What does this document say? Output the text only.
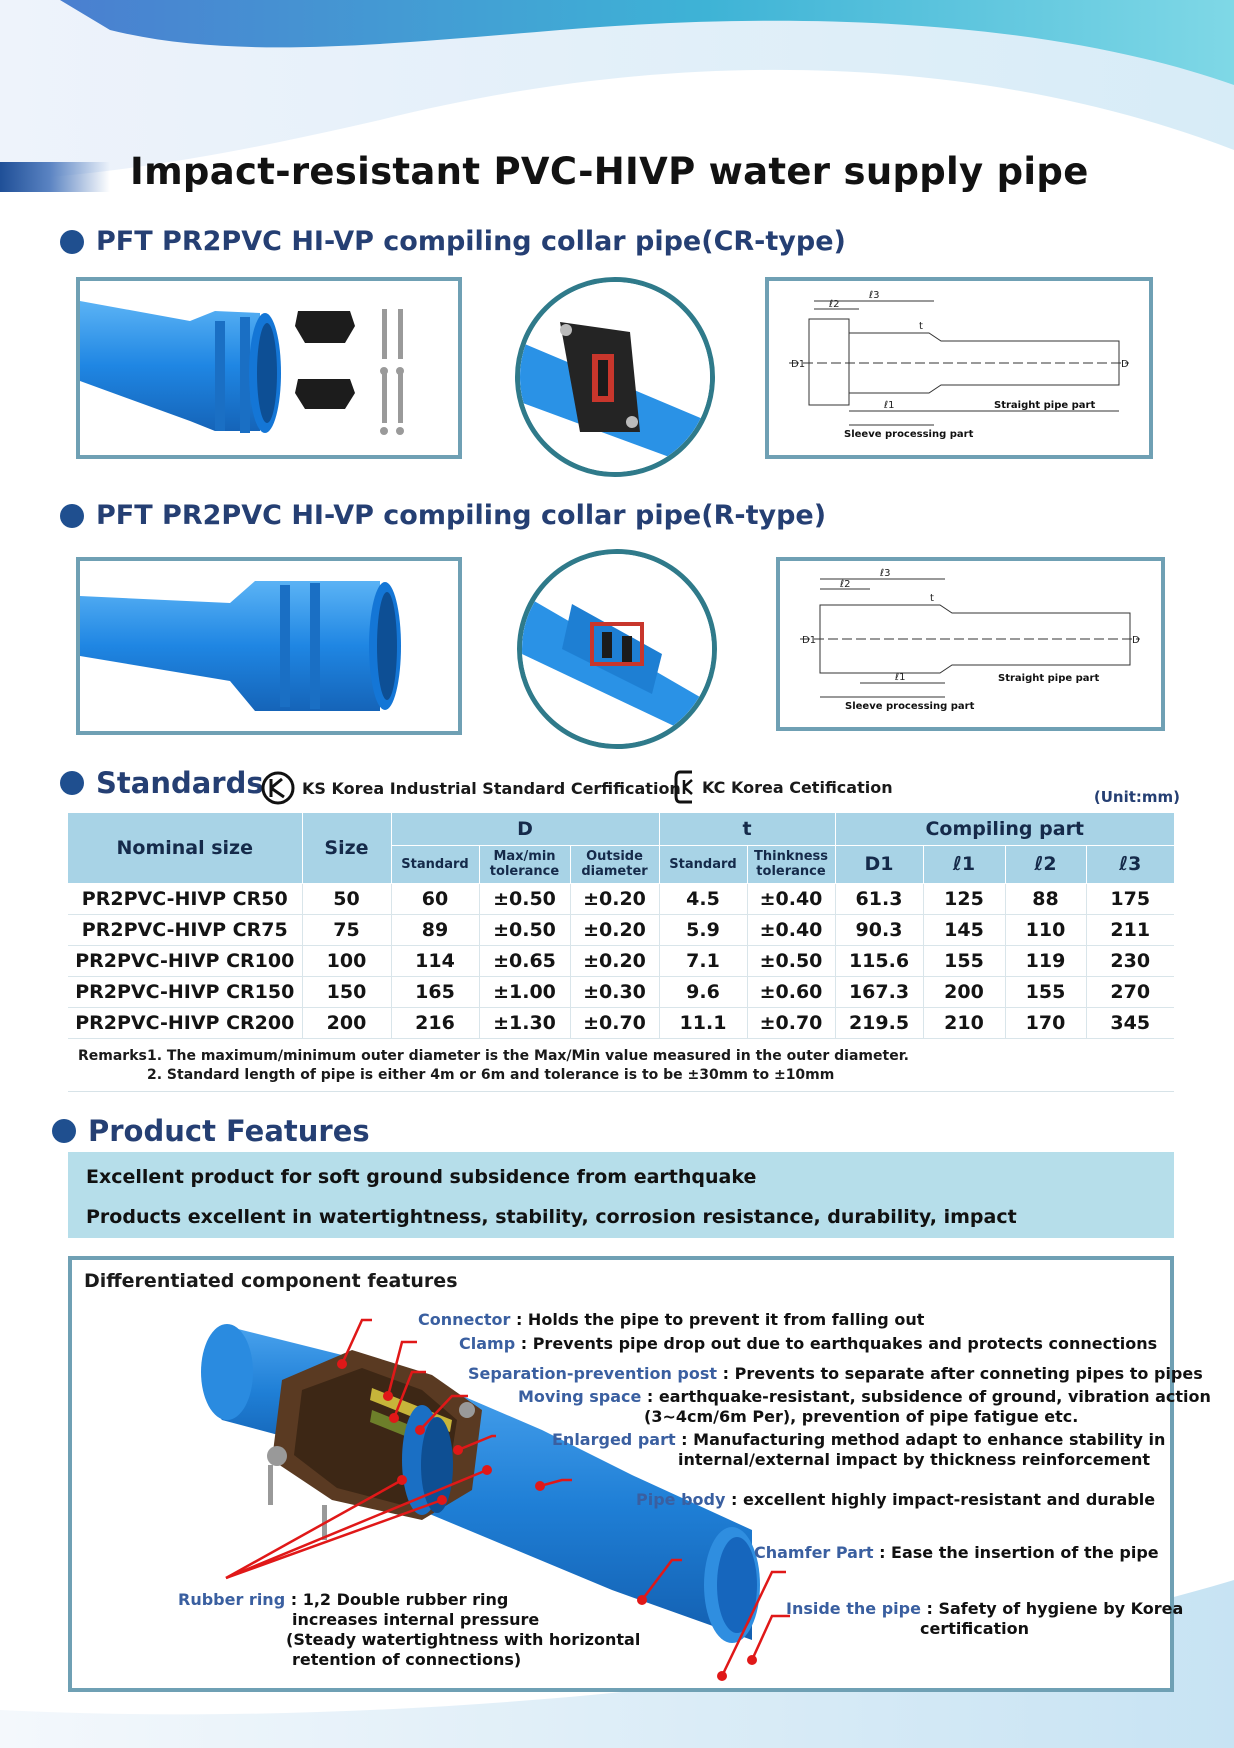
Impact-resistant PVC-HIVP water supply pipe
PFT PR2PVC HI-VP compiling collar pipe(CR-type)
ℓ3
ℓ2
ℓ1
D1	D
t
Straight pipe part
Sleeve processing part
PFT PR2PVC HI-VP compiling collar pipe(R-type)
ℓ3
ℓ2
ℓ1
D1	D
t
Straight pipe part
Sleeve processing part
Standards KS Korea Industrial Standard Cerfification KC Korea Cetification
(Unit:mm)
Nominal size	Size	D			t		Compiling part			
		Standard	Max/min tolerance	Outside diameter	Standard	Thinkness tolerance	D1	ℓ1	ℓ2	ℓ3
PR2PVC-HIVP CR50	50	60	±0.50	±0.20	4.5	±0.40	61.3	125	88	175
PR2PVC-HIVP CR75	75	89	±0.50	±0.20	5.9	±0.40	90.3	145	110	211
PR2PVC-HIVP CR100	100	114	±0.65	±0.20	7.1	±0.50	115.6	155	119	230
PR2PVC-HIVP CR150	150	165	±1.00	±0.30	9.6	±0.60	167.3	200	155	270
PR2PVC-HIVP CR200	200	216	±1.30	±0.70	11.1	±0.70	219.5	210	170	345
Remarks 1. The maximum/minimum outer diameter is the Max/Min value measured in the outer diameter.
2. Standard length of pipe is either 4m or 6m and tolerance is to be ±30mm to ±10mm
Product Features
Excellent product for soft ground subsidence from earthquake
Products excellent in watertightness, stability, corrosion resistance, durability, impact
Differentiated component features
Connector : Holds the pipe to prevent it from falling out
Clamp : Prevents pipe drop out due to earthquakes and protects connections
Separation-prevention post : Prevents to separate after conneting pipes to pipes
Moving space : earthquake-resistant, subsidence of ground, vibration action
(3~4cm/6m Per), prevention of pipe fatigue etc.
Enlarged part : Manufacturing method adapt to enhance stability in
internal/external impact by thickness reinforcement
Pipe body : excellent highly impact-resistant and durable
Chamfer Part : Ease the insertion of the pipe
Inside the pipe : Safety of hygiene by Korea
certification
Rubber ring : 1,2 Double rubber ring
increases internal pressure
(Steady watertightness with horizontal
retention of connections)
